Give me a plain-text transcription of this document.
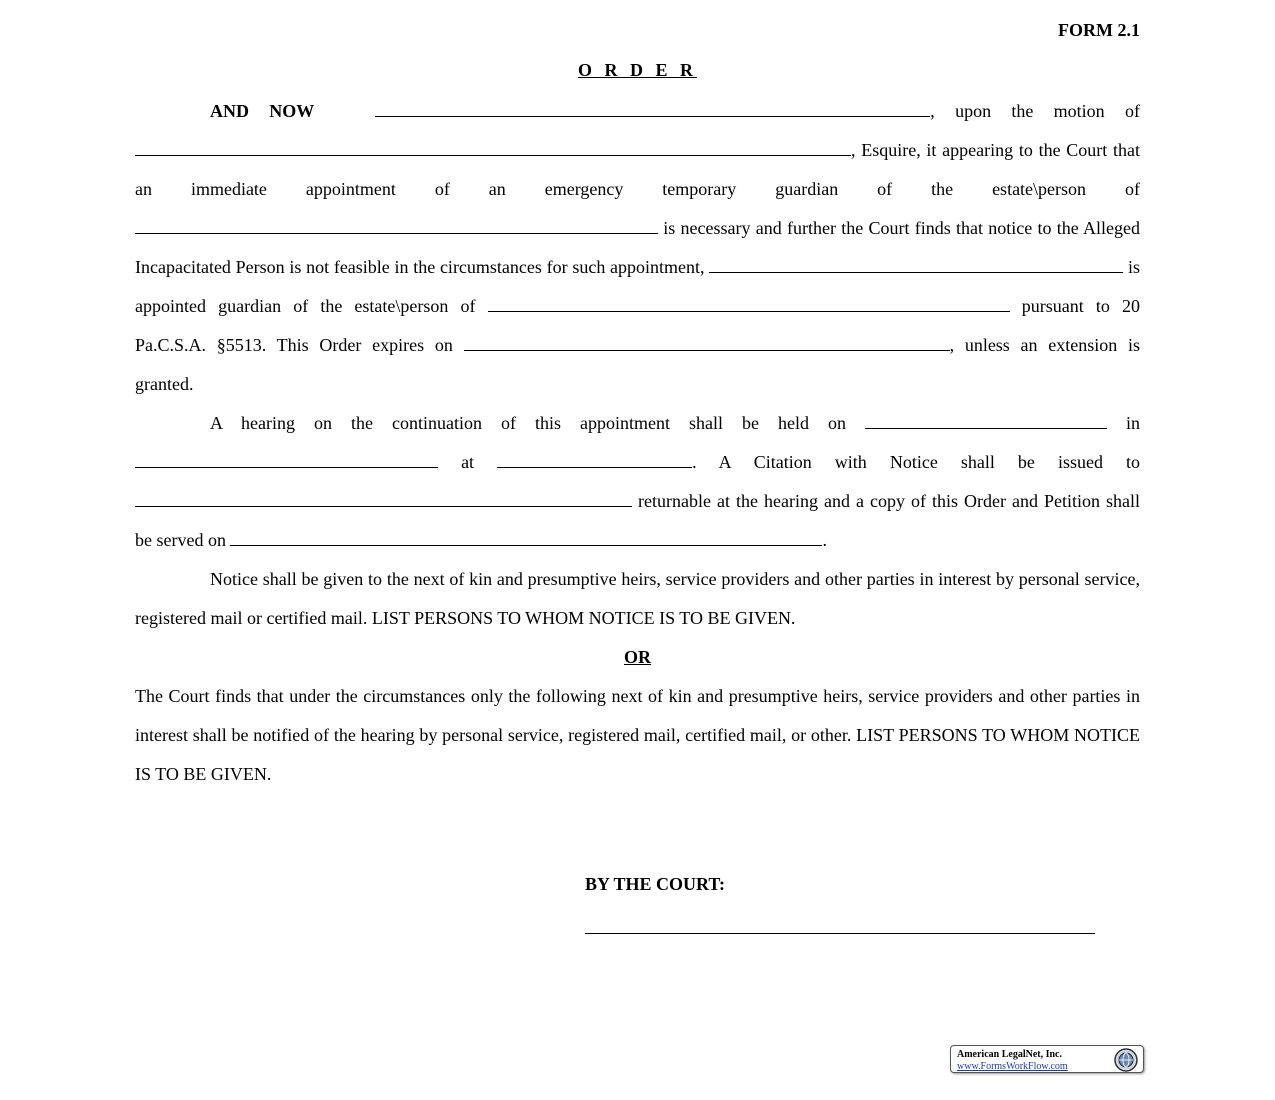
FORM 2.1
O R D E R

AND NOW	, upon the motion of

, Esquire, it appearing to the Court that an immediate appointment of an emergency temporary guardian of the estate\person of  is necessary and further the Court finds that notice to the Alleged Incapacitated Person is not feasible in the circumstances for such appointment,	is appointed guardian of the estate\person of	pursuant to 20 Pa.C.S.A. §5513. This Order expires on	, unless an extension is granted.

A hearing on the continuation of this appointment shall be held on	in  at	. A Citation with Notice shall be issued to  returnable at the hearing and a copy of this Order and Petition shall be served on	.

Notice shall be given to the next of kin and presumptive heirs, service providers and other parties in interest by personal service, registered mail or certified mail. LIST PERSONS TO WHOM NOTICE IS TO BE GIVEN.

OR

The Court finds that under the circumstances only the following next of kin and presumptive heirs, service providers and other parties in interest shall be notified of the hearing by personal service, registered mail, certified mail, or other. LIST PERSONS TO WHOM NOTICE IS TO BE GIVEN.

BY THE COURT:
American LegalNet, Inc.
www.FormsWorkFlow.com
